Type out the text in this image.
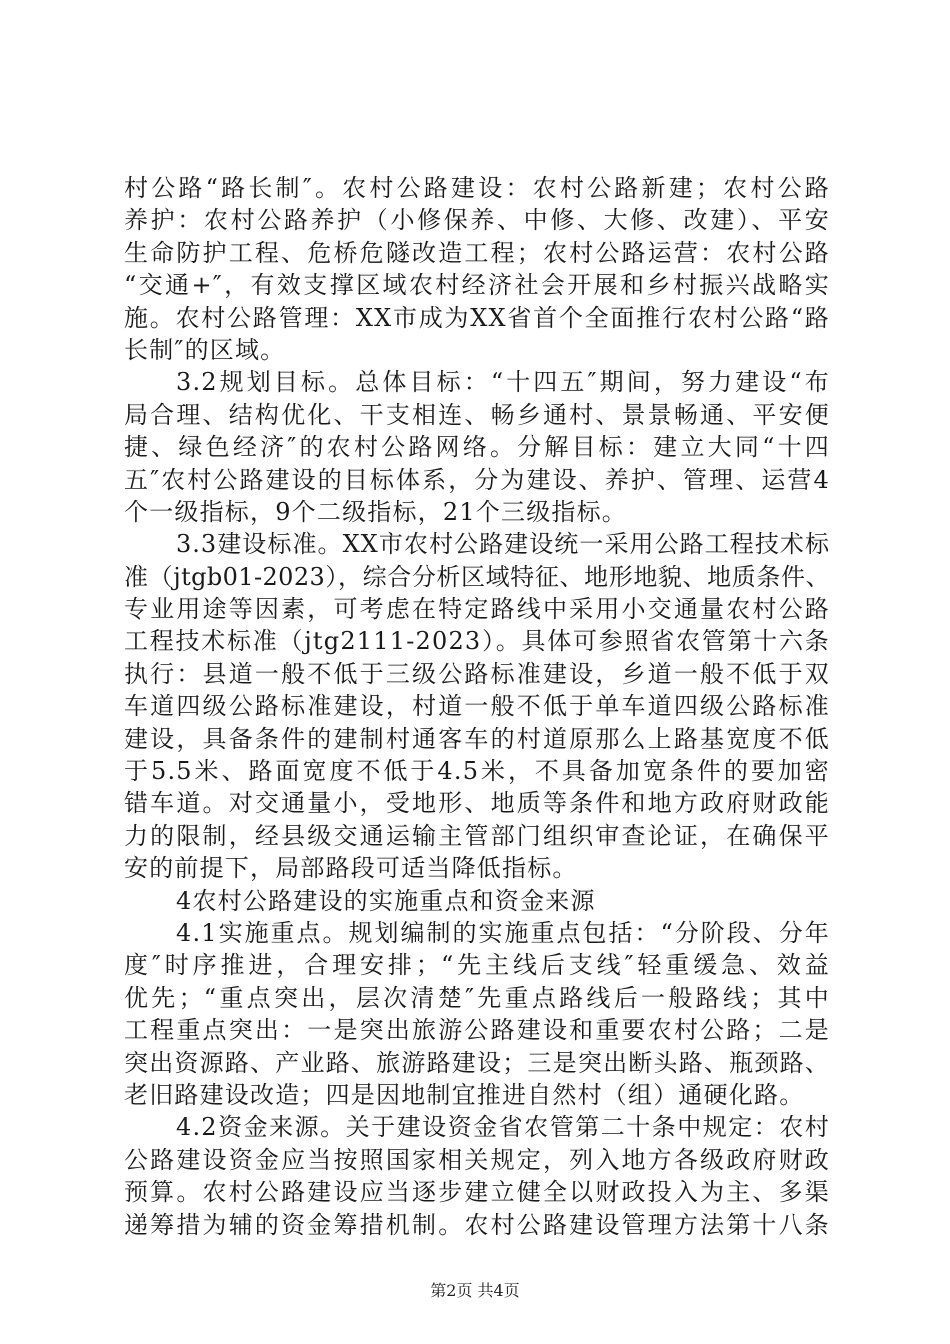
村公路“路长制″。农村公路建设：农村公路新建；农村公路
养护：农村公路养护（小修保养、中修、大修、改建）、平安
生命防护工程、危桥危隧改造工程；农村公路运营：农村公路
“交通+″，有效支撑区域农村经济社会开展和乡村振兴战略实
施。农村公路管理：XX市成为XX省首个全面推行农村公路“路
长制″的区域。
3.2规划目标。总体目标：“十四五″期间，努力建设“布
局合理、结构优化、干支相连、畅乡通村、景景畅通、平安便
捷、绿色经济″的农村公路网络。分解目标：建立大同“十四
五″农村公路建设的目标体系，分为建设、养护、管理、运营4
个一级指标，9个二级指标，21个三级指标。
3.3建设标准。XX市农村公路建设统一采用公路工程技术标
准（jtgb01-2023），综合分析区域特征、地形地貌、地质条件、
专业用途等因素，可考虑在特定路线中采用小交通量农村公路
工程技术标准（jtg2111-2023）。具体可参照省农管第十六条
执行：县道一般不低于三级公路标准建设，乡道一般不低于双
车道四级公路标准建设，村道一般不低于单车道四级公路标准
建设，具备条件的建制村通客车的村道原那么上路基宽度不低
于5.5米、路面宽度不低于4.5米，不具备加宽条件的要加密
错车道。对交通量小，受地形、地质等条件和地方政府财政能
力的限制，经县级交通运输主管部门组织审查论证，在确保平
安的前提下，局部路段可适当降低指标。
4农村公路建设的实施重点和资金来源
4.1实施重点。规划编制的实施重点包括：“分阶段、分年
度″时序推进，合理安排；“先主线后支线″轻重缓急、效益
优先；“重点突出，层次清楚″先重点路线后一般路线；其中
工程重点突出：一是突出旅游公路建设和重要农村公路；二是
突出资源路、产业路、旅游路建设；三是突出断头路、瓶颈路、
老旧路建设改造；四是因地制宜推进自然村（组）通硬化路。
4.2资金来源。关于建设资金省农管第二十条中规定：农村
公路建设资金应当按照国家相关规定，列入地方各级政府财政
预算。农村公路建设应当逐步建立健全以财政投入为主、多渠
递筹措为辅的资金筹措机制。农村公路建设管理方法第十八条
第2页 共4页
